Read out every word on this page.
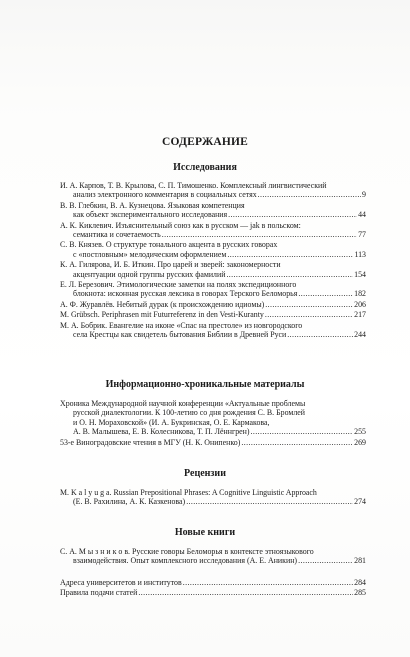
СОДЕРЖАНИЕ
Исследования
И. А. Карпов, Т. В. Крылова, С. П. Тимошенко. Комплексный лингвистический
анализ электронного комментария в социальных сетях .....	9
В. В. Глебкин, В. А. Кузнецова. Языковая компетенция
как объект экспериментального исследования .....	44
А. К. Киклевич. Изъяснительный союз как в русском — jak в польском:
семантика и сочетаемость .....	77
С. В. Князев. О структуре тонального акцента в русских говорах
с «постловным» мелодическим оформлением .....	113
К. А. Гилярова, И. Б. Иткин. Про царей и зверей: закономерности
акцентуации одной группы русских фамилий .....	154
Е. Л. Березович. Этимологические заметки на полях экспедиционного
блокнота: исконная русская лексика в говорах Терского Беломорья .....	182
А. Ф. Журавлёв. Небитый дурак (к происхождению идиомы) .....	206
M. Grübsch. Periphrasen mit Futurreferenz in den Vesti-Kuranty .....	217
М. А. Бобрик. Евангелие на иконе «Спас на престоле» из новгородского
села Крестцы как свидетель бытования Библии в Древней Руси .....	244
Информационно-хроникальные материалы
Хроника Международной научной конференции «Актуальные проблемы
русской диалектологии. К 100-летию со дня рождения С. В. Бромлей
и О. Н. Мораховской» (И. А. Букринская, О. Е. Кармакова,
А. В. Малышева, Е. В. Колесникова, Т. П. Лённгрен) .....	255
53-е Виноградовские чтения в МГУ (Н. К. Онипенко) .....	269
Рецензии
M. K a l y u g a. Russian Prepositional Phrases: A Cognitive Linguistic Approach
(Е. В. Рахилина, А. К. Казкенова) .....	274
Новые книги
С. А. М ы з н и к о в. Русские говоры Беломорья в контексте этноязыкового
взаимодействия. Опыт комплексного исследования (А. Е. Аникин) .....	281
Адреса университетов и институтов .....	284
Правила подачи статей .....	285
